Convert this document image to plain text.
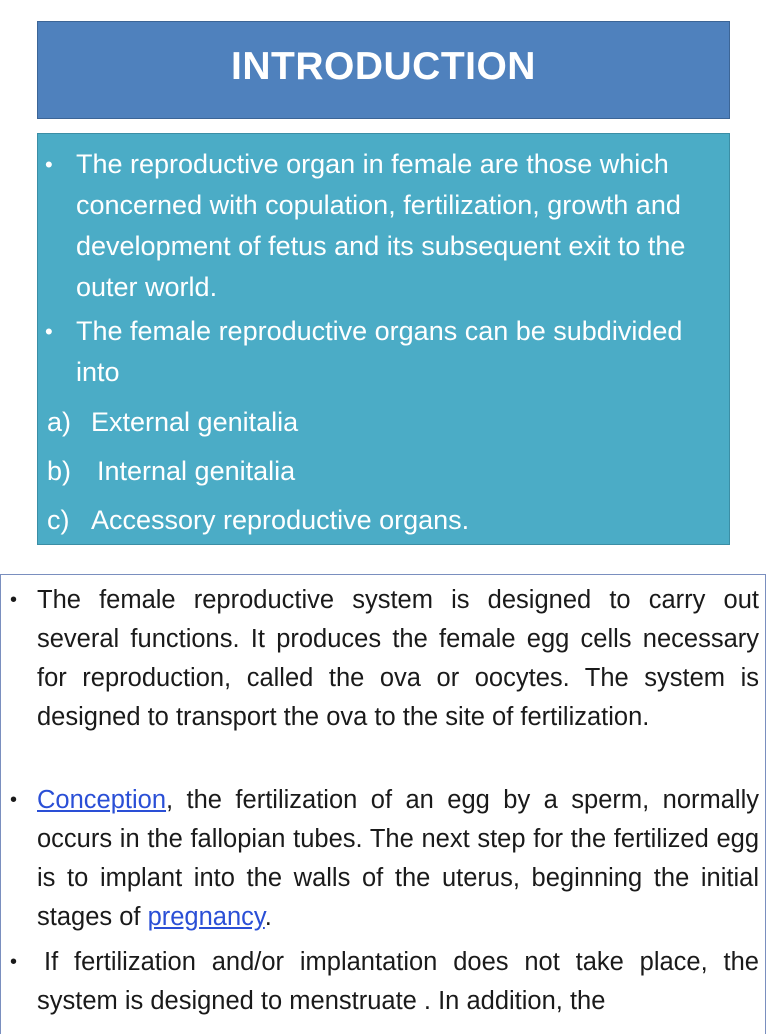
INTRODUCTION
• The reproductive organ in female are those which concerned with copulation, fertilization, growth and development of fetus and its subsequent exit to the outer world.
• The female reproductive organs can be subdivided into
a) External genitalia
b) Internal genitalia
c) Accessory reproductive organs.
• The female reproductive system is designed to carry out several functions. It produces the female egg cells necessary for reproduction, called the ova or oocytes. The system is designed to transport the ova to the site of fertilization.
• Conception, the fertilization of an egg by a sperm, normally occurs in the fallopian tubes. The next step for the fertilized egg is to implant into the walls of the uterus, beginning the initial stages of pregnancy.
• If fertilization and/or implantation does not take place, the system is designed to menstruate . In addition, the
